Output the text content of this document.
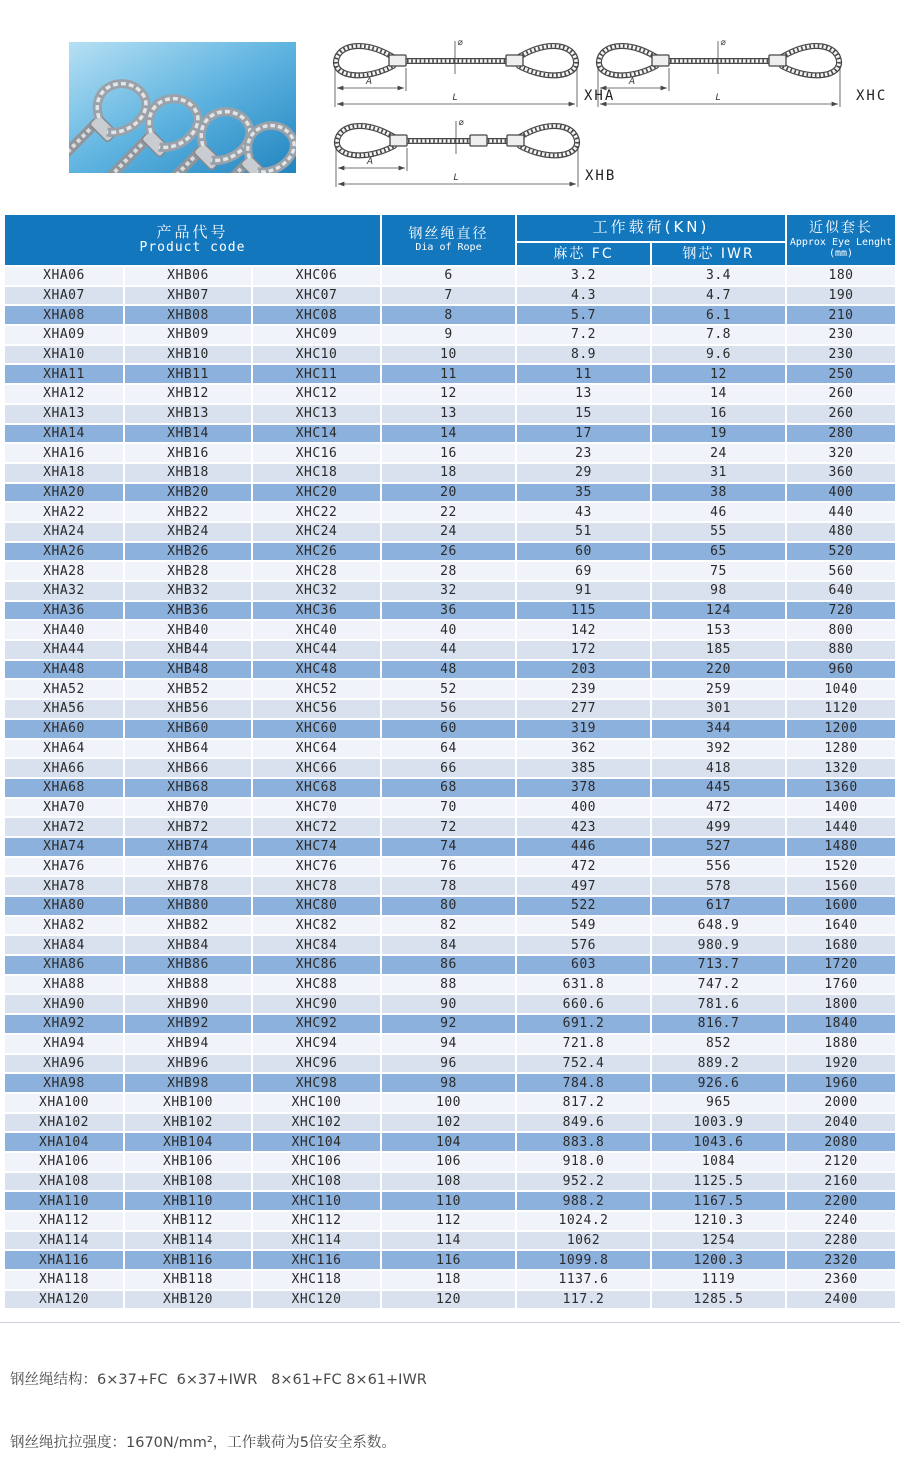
XHA	XHC
XHB
产品代号
Product code
钢丝绳直径
Dia of Rope
工作载荷(KN)
麻芯 FC	钢芯 IWR
近似套长
Approx Eye Lenght
(mm)
XHA06	XHB06	XHC06	6	3.2	3.4	180
XHA07	XHB07	XHC07	7	4.3	4.7	190
XHA08	XHB08	XHC08	8	5.7	6.1	210
XHA09	XHB09	XHC09	9	7.2	7.8	230
XHA10	XHB10	XHC10	10	8.9	9.6	230
XHA11	XHB11	XHC11	11	11	12	250
XHA12	XHB12	XHC12	12	13	14	260
XHA13	XHB13	XHC13	13	15	16	260
XHA14	XHB14	XHC14	14	17	19	280
XHA16	XHB16	XHC16	16	23	24	320
XHA18	XHB18	XHC18	18	29	31	360
XHA20	XHB20	XHC20	20	35	38	400
XHA22	XHB22	XHC22	22	43	46	440
XHA24	XHB24	XHC24	24	51	55	480
XHA26	XHB26	XHC26	26	60	65	520
XHA28	XHB28	XHC28	28	69	75	560
XHA32	XHB32	XHC32	32	91	98	640
XHA36	XHB36	XHC36	36	115	124	720
XHA40	XHB40	XHC40	40	142	153	800
XHA44	XHB44	XHC44	44	172	185	880
XHA48	XHB48	XHC48	48	203	220	960
XHA52	XHB52	XHC52	52	239	259	1040
XHA56	XHB56	XHC56	56	277	301	1120
XHA60	XHB60	XHC60	60	319	344	1200
XHA64	XHB64	XHC64	64	362	392	1280
XHA66	XHB66	XHC66	66	385	418	1320
XHA68	XHB68	XHC68	68	378	445	1360
XHA70	XHB70	XHC70	70	400	472	1400
XHA72	XHB72	XHC72	72	423	499	1440
XHA74	XHB74	XHC74	74	446	527	1480
XHA76	XHB76	XHC76	76	472	556	1520
XHA78	XHB78	XHC78	78	497	578	1560
XHA80	XHB80	XHC80	80	522	617	1600
XHA82	XHB82	XHC82	82	549	648.9	1640
XHA84	XHB84	XHC84	84	576	980.9	1680
XHA86	XHB86	XHC86	86	603	713.7	1720
XHA88	XHB88	XHC88	88	631.8	747.2	1760
XHA90	XHB90	XHC90	90	660.6	781.6	1800
XHA92	XHB92	XHC92	92	691.2	816.7	1840
XHA94	XHB94	XHC94	94	721.8	852	1880
XHA96	XHB96	XHC96	96	752.4	889.2	1920
XHA98	XHB98	XHC98	98	784.8	926.6	1960
XHA100	XHB100	XHC100	100	817.2	965	2000
XHA102	XHB102	XHC102	102	849.6	1003.9	2040
XHA104	XHB104	XHC104	104	883.8	1043.6	2080
XHA106	XHB106	XHC106	106	918.0	1084	2120
XHA108	XHB108	XHC108	108	952.2	1125.5	2160
XHA110	XHB110	XHC110	110	988.2	1167.5	2200
XHA112	XHB112	XHC112	112	1024.2	1210.3	2240
XHA114	XHB114	XHC114	114	1062	1254	2280
XHA116	XHB116	XHC116	116	1099.8	1200.3	2320
XHA118	XHB118	XHC118	118	1137.6	1119	2360
XHA120	XHB120	XHC120	120	117.2	1285.5	2400

钢丝绳结构：6×37+FC  6×37+IWR   8×61+FC 8×61+IWR

钢丝绳抗拉强度：1670N/mm²，工作载荷为5倍安全系数。
